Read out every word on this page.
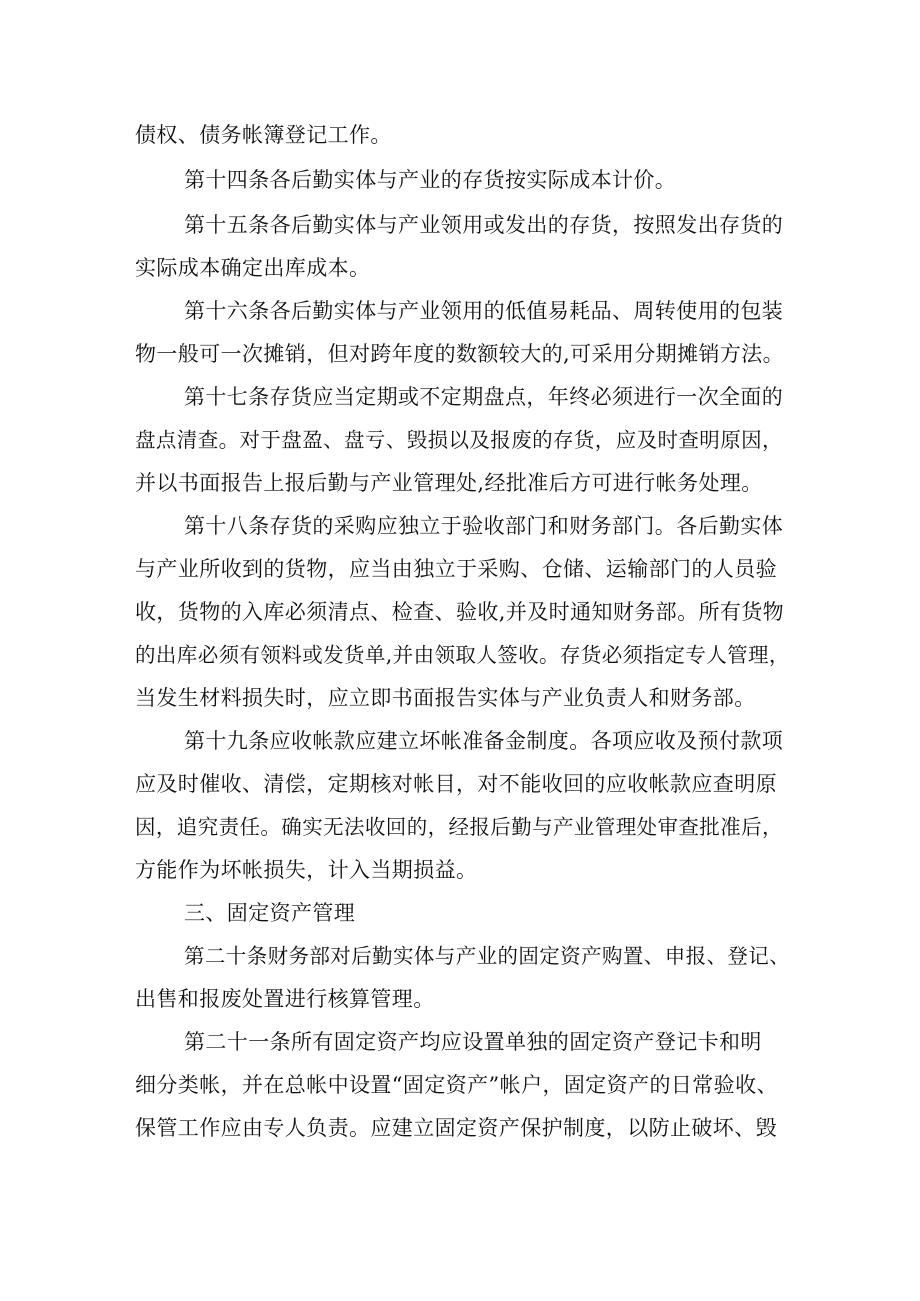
债权、债务帐簿登记工作。
第十四条各后勤实体与产业的存货按实际成本计价。
第十五条各后勤实体与产业领用或发出的存货，按照发出存货的
实际成本确定出库成本。
第十六条各后勤实体与产业领用的低值易耗品、周转使用的包装
物一般可一次摊销，但对跨年度的数额较大的,可采用分期摊销方法。
第十七条存货应当定期或不定期盘点，年终必须进行一次全面的
盘点清查。对于盘盈、盘亏、毁损以及报废的存货，应及时查明原因，
并以书面报告上报后勤与产业管理处,经批准后方可进行帐务处理。
第十八条存货的采购应独立于验收部门和财务部门。各后勤实体
与产业所收到的货物，应当由独立于采购、仓储、运输部门的人员验
收，货物的入库必须清点、检查、验收,并及时通知财务部。所有货物
的出库必须有领料或发货单,并由领取人签收。存货必须指定专人管理，
当发生材料损失时，应立即书面报告实体与产业负责人和财务部。
第十九条应收帐款应建立坏帐准备金制度。各项应收及预付款项
应及时催收、清偿，定期核对帐目，对不能收回的应收帐款应查明原
因，追究责任。确实无法收回的，经报后勤与产业管理处审查批准后，
方能作为坏帐损失，计入当期损益。
三、固定资产管理
第二十条财务部对后勤实体与产业的固定资产购置、申报、登记、
出售和报废处置进行核算管理。
第二十一条所有固定资产均应设置单独的固定资产登记卡和明
细分类帐，并在总帐中设置“固定资产”帐户，固定资产的日常验收、
保管工作应由专人负责。应建立固定资产保护制度，以防止破坏、毁
